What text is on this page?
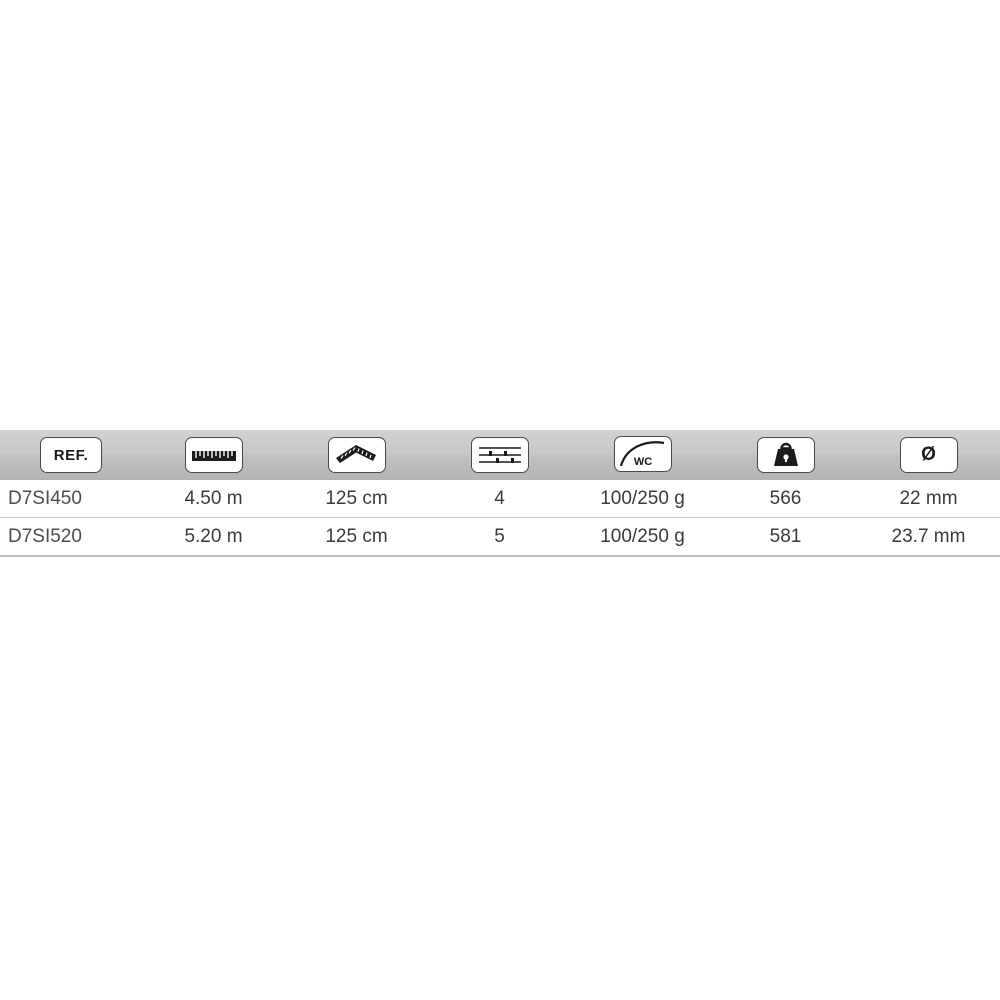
REF.				WC		Ø

D7SI450	4.50 m	125 cm	4	100/250 g	566	22 mm
D7SI520	5.20 m	125 cm	5	100/250 g	581	23.7 mm
